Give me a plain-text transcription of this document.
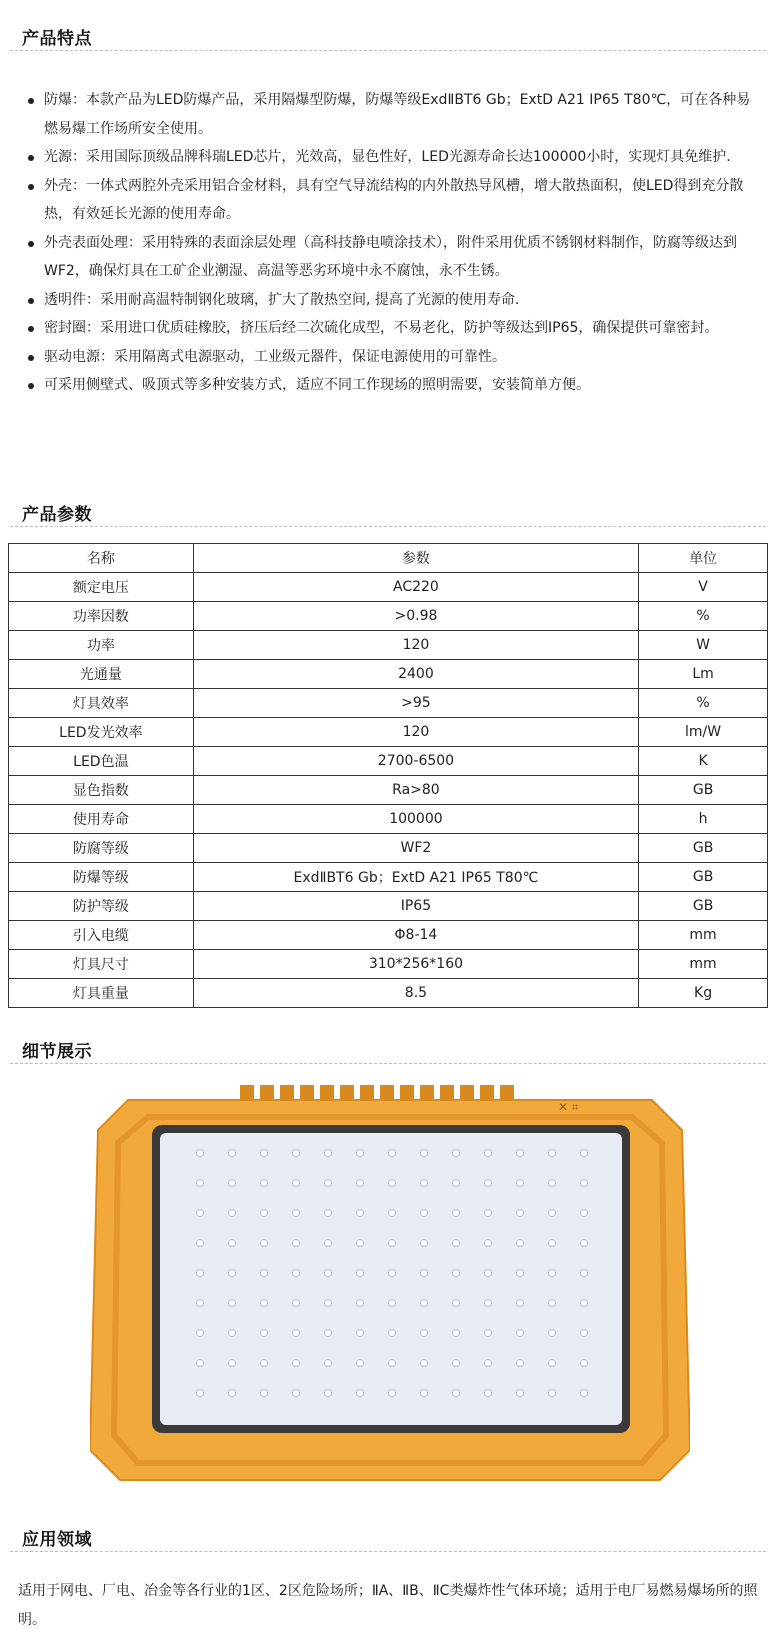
产品特点
防爆：本款产品为LED防爆产品，采用隔爆型防爆，防爆等级ExdⅡBT6 Gb；ExtD A21 IP65 T80℃，可在各种易燃易爆工作场所安全使用。
光源：采用国际顶级品牌科瑞LED芯片，光效高，显色性好，LED光源寿命长达100000小时，实现灯具免维护.
外壳：一体式两腔外壳采用铝合金材料，具有空气导流结构的内外散热导风槽，增大散热面积，使LED得到充分散热，有效延长光源的使用寿命。
外壳表面处理：采用特殊的表面涂层处理（高科技静电喷涂技术），附件采用优质不锈钢材料制作，防腐等级达到WF2，确保灯具在工矿企业潮湿、高温等恶劣环境中永不腐蚀，永不生锈。
透明件：采用耐高温特制钢化玻璃，扩大了散热空间, 提高了光源的使用寿命.
密封圈：采用进口优质硅橡胶，挤压后经二次硫化成型，不易老化，防护等级达到IP65，确保提供可靠密封。
驱动电源：采用隔离式电源驱动，工业级元器件，保证电源使用的可靠性。
可采用侧壁式、吸顶式等多种安装方式，适应不同工作现场的照明需要，安装简单方便。
产品参数
名称	参数	单位
额定电压	AC220	V
功率因数	>0.98	%
功率	120	W
光通量	2400	Lm
灯具效率	>95	%
LED发光效率	120	lm/W
LED色温	2700-6500	K
显色指数	Ra>80	GB
使用寿命	100000	h
防腐等级	WF2	GB
防爆等级	ExdⅡBT6 Gb；ExtD A21 IP65 T80℃	GB
防护等级	IP65	GB
引入电缆	Φ8-14	mm
灯具尺寸	310*256*160	mm
灯具重量	8.5	Kg
细节展示
✕ ⌗
应用领域
适用于网电、厂电、冶金等各行业的1区、2区危险场所；ⅡA、ⅡB、ⅡC类爆炸性气体环境；适用于电厂易燃易爆场所的照明。
